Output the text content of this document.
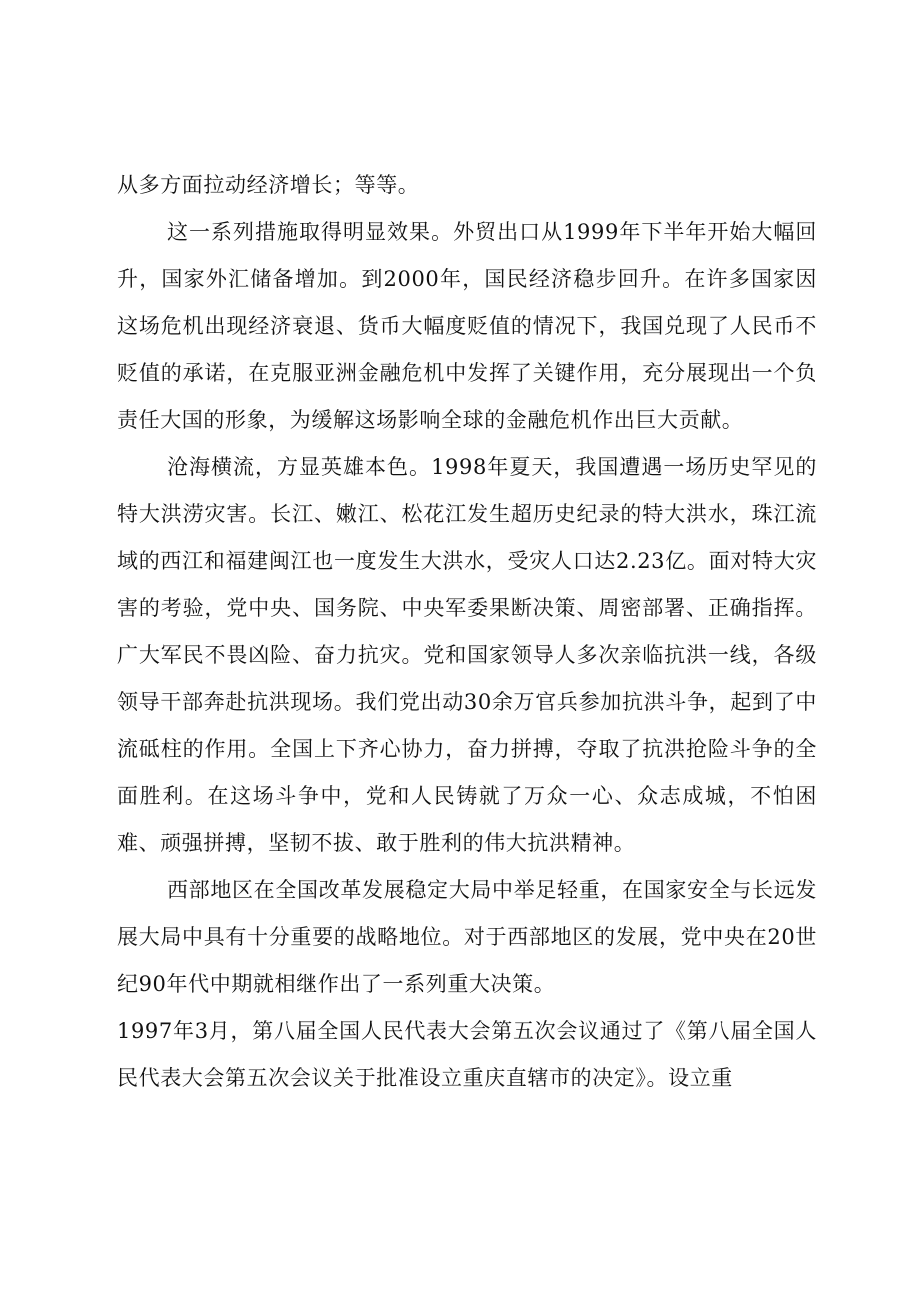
从多方面拉动经济增长；等等。

这一系列措施取得明显效果。外贸出口从1999年下半年开始大幅回升，国家外汇储备增加。到2000年，国民经济稳步回升。在许多国家因这场危机出现经济衰退、货币大幅度贬值的情况下，我国兑现了人民币不贬值的承诺，在克服亚洲金融危机中发挥了关键作用，充分展现出一个负责任大国的形象，为缓解这场影响全球的金融危机作出巨大贡献。

沧海横流，方显英雄本色。1998年夏天，我国遭遇一场历史罕见的特大洪涝灾害。长江、嫩江、松花江发生超历史纪录的特大洪水，珠江流域的西江和福建闽江也一度发生大洪水，受灾人口达2.23亿。面对特大灾害的考验，党中央、国务院、中央军委果断决策、周密部署、正确指挥。广大军民不畏凶险、奋力抗灾。党和国家领导人多次亲临抗洪一线，各级领导干部奔赴抗洪现场。我们党出动30余万官兵参加抗洪斗争，起到了中流砥柱的作用。全国上下齐心协力，奋力拼搏，夺取了抗洪抢险斗争的全面胜利。在这场斗争中，党和人民铸就了万众一心、众志成城，不怕困难、顽强拼搏，坚韧不拔、敢于胜利的伟大抗洪精神。

西部地区在全国改革发展稳定大局中举足轻重，在国家安全与长远发展大局中具有十分重要的战略地位。对于西部地区的发展，党中央在20世纪90年代中期就相继作出了一系列重大决策。

1997年3月，第八届全国人民代表大会第五次会议通过了《第八届全国人民代表大会第五次会议关于批准设立重庆直辖市的决定》。设立重
